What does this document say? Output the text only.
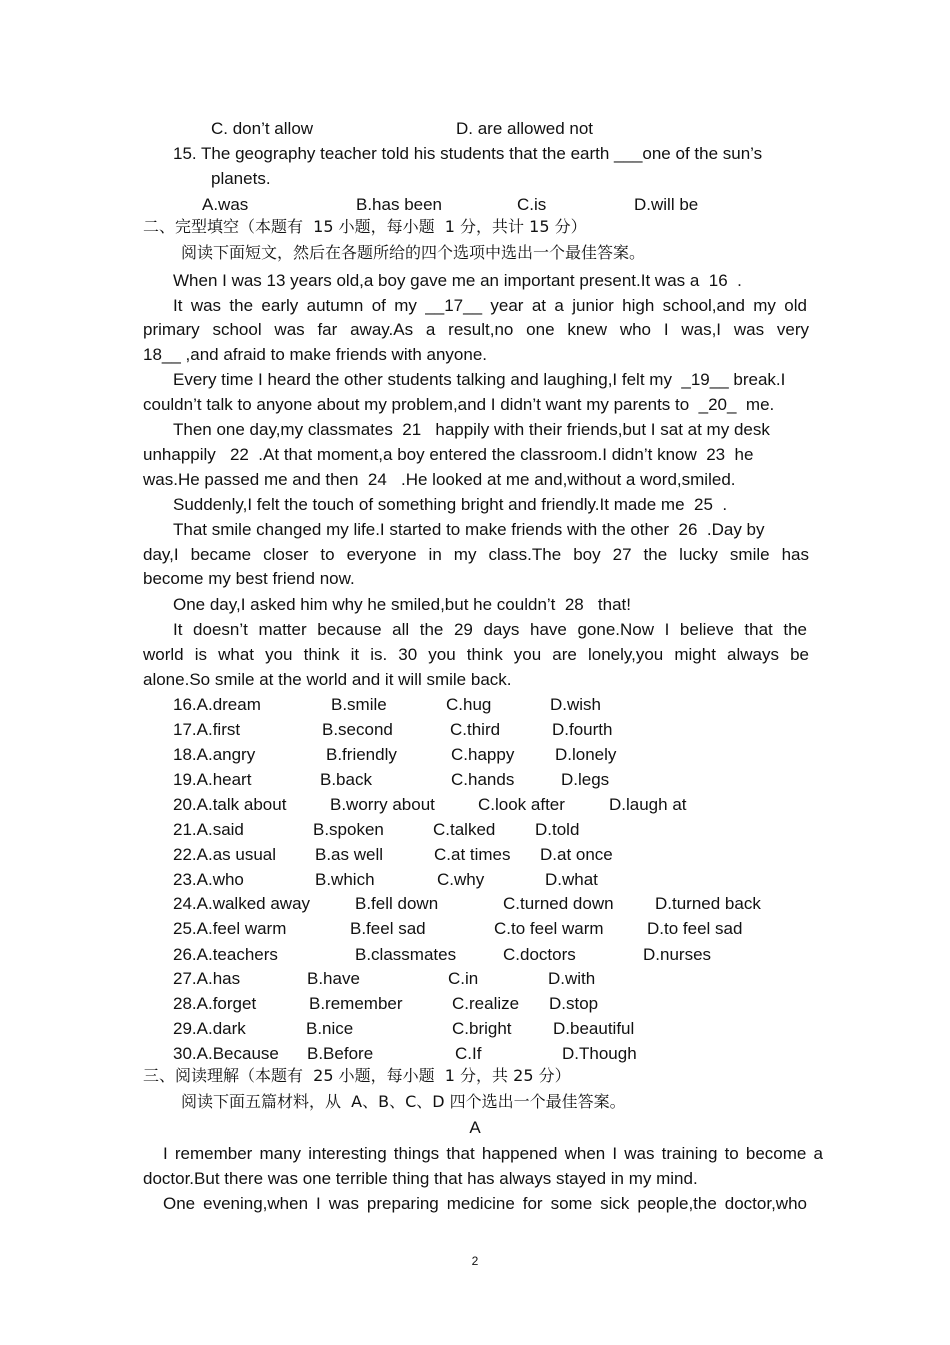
C. don’t allow	D. are allowed not
15. The geography teacher told his students that the earth ___one of the sun’s
planets.
A.was	B.has been	C.is	D.will be
二、完型填空（本题有  15 小题，每小题  1 分，共计 15 分）
阅读下面短文，然后在各题所给的四个选项中选出一个最佳答案。
When I was 13 years old,a boy gave me an important present.It was a  16  .
It was the early autumn of my __17__ year at a junior high school,and my old
primary school was far away.As a result,no one knew who I was,I was very
18__ ,and afraid to make friends with anyone.
Every time I heard the other students talking and laughing,I felt my  _19__ break.I
couldn’t talk to anyone about my problem,and I didn’t want my parents to  _20_  me.
Then one day,my classmates  21   happily with their friends,but I sat at my desk
unhappily   22  .At that moment,a boy entered the classroom.I didn’t know  23  he
was.He passed me and then  24   .He looked at me and,without a word,smiled.
Suddenly,I felt the touch of something bright and friendly.It made me  25  .
That smile changed my life.I started to make friends with the other  26  .Day by
day,I became closer to everyone in my class.The boy 27 the lucky smile has
become my best friend now.
One day,I asked him why he smiled,but he couldn’t  28   that!
It doesn’t matter because all the 29 days have gone.Now I believe that the
world is what you think it is. 30 you think you are lonely,you might always be
alone.So smile at the world and it will smile back.
16.A.dream	B.smile	C.hug	D.wish
17.A.first	B.second	C.third	D.fourth
18.A.angry	B.friendly	C.happy D.lonely
19.A.heart	B.back	C.hands	D.legs
20.A.talk about	B.worry about	C.look after	D.laugh at
21.A.said	B.spoken	C.talked D.told
22.A.as usual B.as well	C.at times D.at once
23.A.who	B.which	C.why	D.what
24.A.walked away	B.fell down	C.turned down D.turned back
25.A.feel warm	B.feel sad	C.to feel warm	D.to feel sad
26.A.teachers	B.classmates	C.doctors	D.nurses
27.A.has	B.have	C.in	D.with
28.A.forget	B.remember	C.realize D.stop
29.A.dark	B.nice	C.bright D.beautiful
30.A.Because B.Before	C.If	D.Though
三、阅读理解（本题有  25 小题，每小题  1 分，共 25 分）
阅读下面五篇材料，从  A、B、C、D 四个选出一个最佳答案。
A
I remember many interesting things that happened when I was training to become a
doctor.But there was one terrible thing that has always stayed in my mind.
One evening,when I was preparing medicine for some sick people,the doctor,who
2
